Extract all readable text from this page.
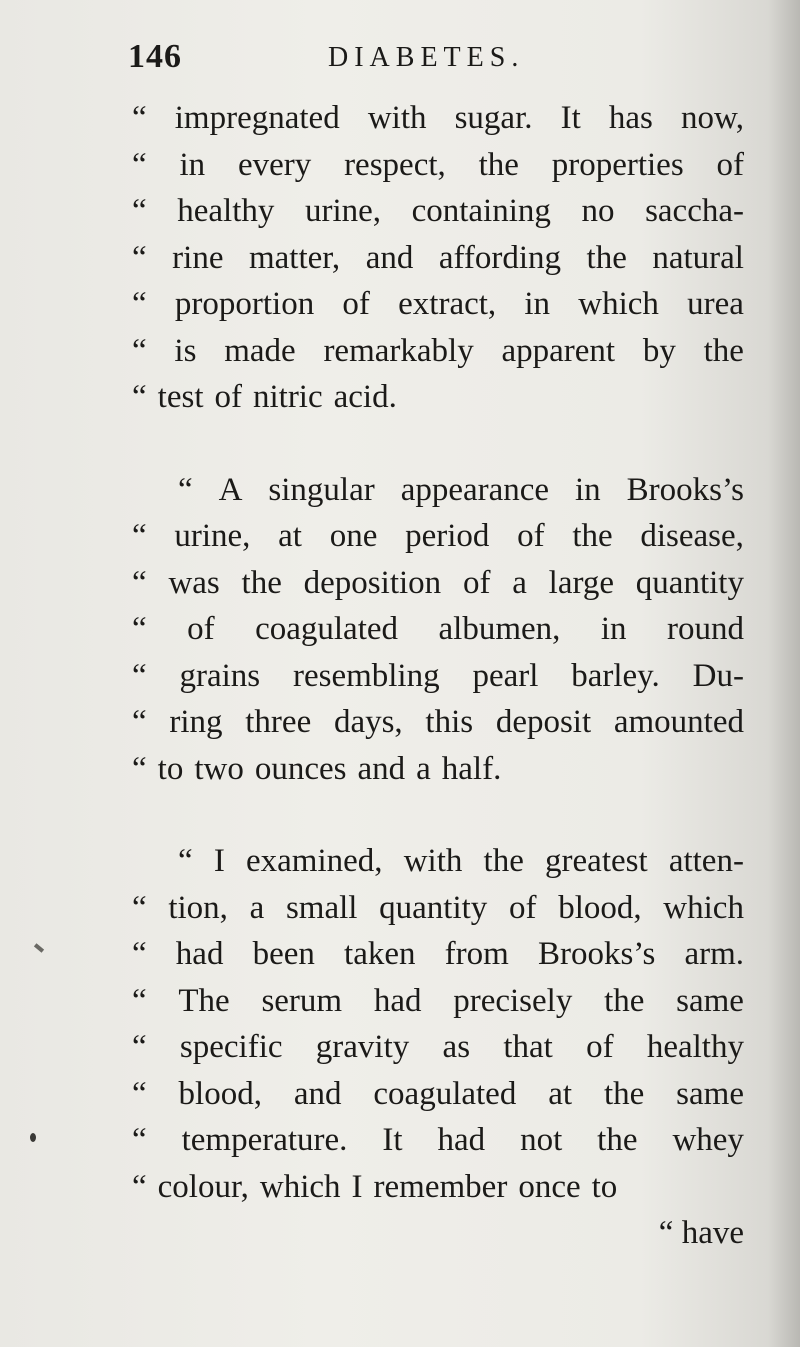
146	DIABETES.
“ impregnated with sugar. It has now,
“ in every respect, the properties of
“ healthy urine, containing no saccha-
“ rine matter, and affording the natural
“ proportion of extract, in which urea
“ is made remarkably apparent by the
“ test of nitric acid.
“ A singular appearance in Brooks’s
“ urine, at one period of the disease,
“ was the deposition of a large quantity
“ of coagulated albumen, in round
“ grains resembling pearl barley. Du-
“ ring three days, this deposit amounted
“ to two ounces and a half.
“ I examined, with the greatest atten-
“ tion, a small quantity of blood, which
“ had been taken from Brooks’s arm.
“ The serum had precisely the same
“ specific gravity as that of healthy
“ blood, and coagulated at the same
“ temperature. It had not the whey
“ colour, which I remember once to
“ have
